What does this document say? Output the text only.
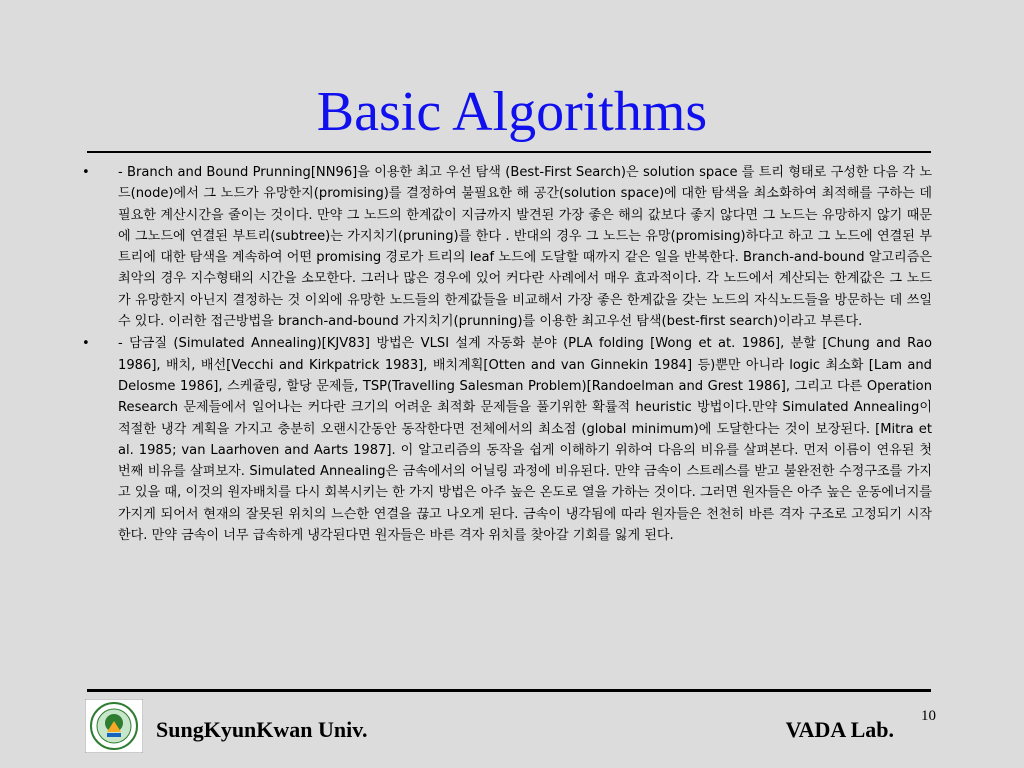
Basic Algorithms
• - Branch and Bound Prunning[NN96]을 이용한 최고 우선 탐색 (Best-First Search)은 solution space 를 트리 형태로 구성한 다음 각 노드(node)에서 그 노드가 유망한지(promising)를 결정하여 불필요한 해 공간(solution space)에 대한 탐색을 최소화하여 최적해를 구하는 데 필요한 계산시간을 줄이는 것이다. 만약 그 노드의 한계값이 지금까지 발견된 가장 좋은 해의 값보다 좋지 않다면 그 노드는 유망하지 않기 때문에 그노드에 연결된 부트리(subtree)는 가지치기(pruning)를 한다 . 반대의 경우 그 노드는 유망(promising)하다고 하고 그 노드에 연결된 부트리에 대한 탐색을 계속하여 어떤 promising 경로가 트리의 leaf 노드에 도달할 때까지 같은 일을 반복한다. Branch-and-bound 알고리즘은 최악의 경우 지수형태의 시간을 소모한다. 그러나 많은 경우에 있어 커다란 사례에서 매우 효과적이다. 각 노드에서 계산되는 한계값은 그 노드가 유망한지 아닌지 결정하는 것 이외에 유망한 노드들의 한계값들을 비교해서 가장 좋은 한계값을 갖는 노드의 자식노드들을 방문하는 데 쓰일 수 있다. 이러한 접근방법을 branch-and-bound 가지치기(prunning)를 이용한 최고우선 탐색(best-first search)이라고 부른다.
• - 담금질 (Simulated Annealing)[KJV83] 방법은 VLSI 설계 자동화 분야 (PLA folding [Wong et at. 1986], 분할 [Chung and Rao 1986], 배치, 배선[Vecchi and Kirkpatrick 1983], 배치계획[Otten and van Ginnekin 1984] 등)뿐만 아니라 logic 최소화 [Lam and Delosme 1986], 스케쥴링, 할당 문제들, TSP(Travelling Salesman Problem)[Randoelman and Grest 1986], 그리고 다른 Operation Research 문제들에서 일어나는 커다란 크기의 어려운 최적화 문제들을 풀기위한 확률적 heuristic 방법이다.만약 Simulated Annealing이 적절한 냉각 계획을 가지고 충분히 오랜시간동안 동작한다면 전체에서의 최소점 (global minimum)에 도달한다는 것이 보장된다. [Mitra et al. 1985; van Laarhoven and Aarts 1987]. 이 알고리즘의 동작을 쉽게 이해하기 위하여 다음의 비유를 살펴본다. 먼저 이름이 연유된 첫 번째 비유를 살펴보자. Simulated Annealing은 금속에서의 어닐링 과정에 비유된다. 만약 금속이 스트레스를 받고 불완전한 수정구조를 가지고 있을 때, 이것의 원자배치를 다시 회복시키는 한 가지 방법은 아주 높은 온도로 열을 가하는 것이다. 그러면 원자들은 아주 높은 운동에너지를 가지게 되어서 현재의 잘못된 위치의 느슨한 연결을 끊고 나오게 된다. 금속이 냉각됨에 따라 원자들은 천천히 바른 격자 구조로 고정되기 시작한다. 만약 금속이 너무 급속하게 냉각된다면 원자들은 바른 격자 위치를 찾아갈 기회를 잃게 된다.
SungKyunKwan Univ.	VADA Lab.
10
